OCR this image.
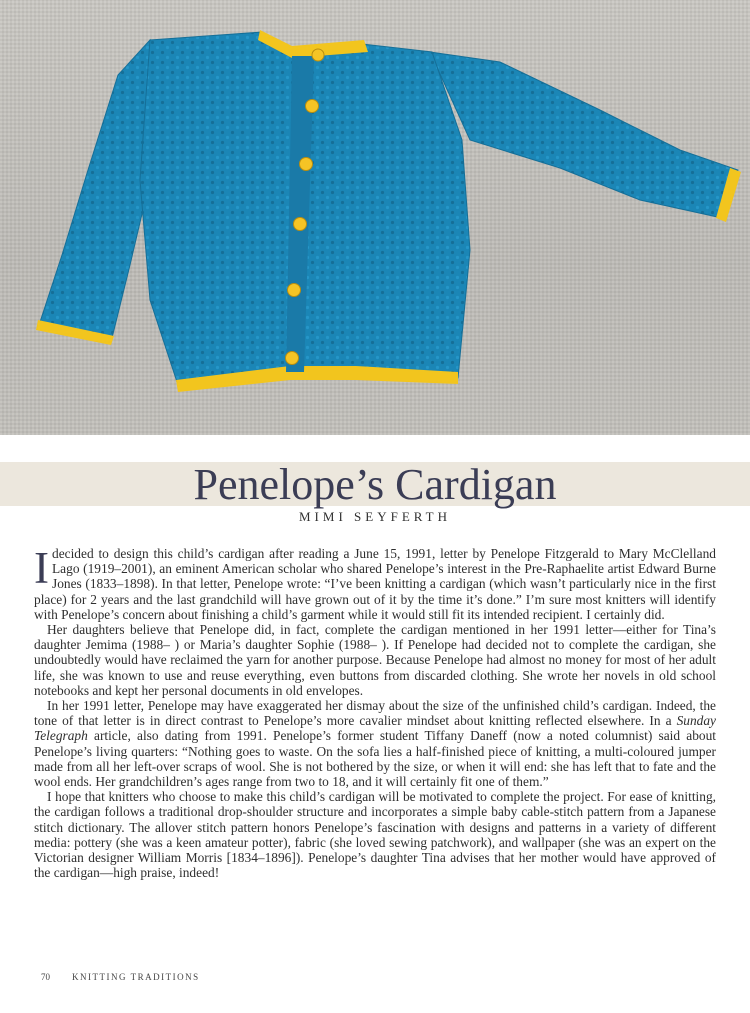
Penelope’s Cardigan
MIMI SEYFERTH

Idecided to design this child’s cardigan after reading a June 15, 1991, letter by Penelope Fitzgerald to Mary McClelland Lago (1919–2001), an eminent American scholar who shared Penelope’s interest in the Pre-Raphaelite artist Edward Burne Jones (1833–1898). In that letter, Penelope wrote: “I’ve been knitting a cardigan (which wasn’t particularly nice in the first place) for 2 years and the last grandchild will have grown out of it by the time it’s done.” I’m sure most knitters will identify with Penelope’s concern about finishing a child’s garment while it would still fit its intended recipient. I certainly did.

Her daughters believe that Penelope did, in fact, complete the cardigan mentioned in her 1991 letter—either for Tina’s daughter Jemima (1988– ) or Maria’s daughter Sophie (1988– ). If Penelope had decided not to complete the cardigan, she undoubtedly would have reclaimed the yarn for another purpose. Because Penelope had almost no money for most of her adult life, she was known to use and reuse everything, even buttons from discarded clothing. She wrote her novels in old school notebooks and kept her personal documents in old envelopes.

In her 1991 letter, Penelope may have exaggerated her dismay about the size of the unfinished child’s cardigan. Indeed, the tone of that letter is in direct contrast to Penelope’s more cavalier mindset about knitting reflected elsewhere. In a Sunday Telegraph article, also dating from 1991. Penelope’s former student Tiffany Daneff (now a noted columnist) said about Penelope’s living quarters: “Nothing goes to waste. On the sofa lies a half-finished piece of knitting, a multi-coloured jumper made from all her left-over scraps of wool. She is not bothered by the size, or when it will end: she has left that to fate and the wool ends. Her grandchildren’s ages range from two to 18, and it will certainly fit one of them.”

I hope that knitters who choose to make this child’s cardigan will be motivated to complete the project. For ease of knitting, the cardigan follows a traditional drop-shoulder structure and incorporates a simple baby cable-stitch pattern from a Japanese stitch dictionary. The allover stitch pattern honors Penelope’s fascination with designs and patterns in a variety of different media: pottery (she was a keen amateur potter), fabric (she loved sewing patchwork), and wallpaper (she was an expert on the Victorian designer William Morris [1834–1896]). Penelope’s daughter Tina advises that her mother would have approved of the cardigan—high praise, indeed!

70 KNITTING TRADITIONS
